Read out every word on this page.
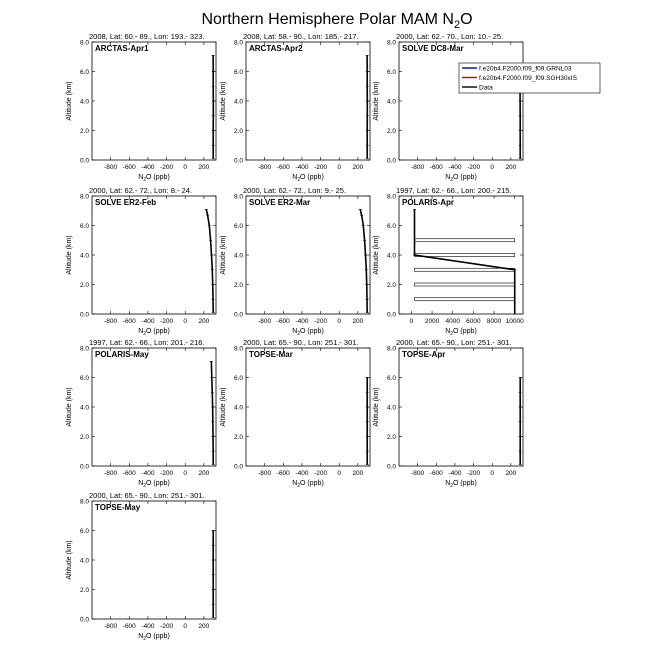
Northern Hemisphere Polar MAM $N_2O$
2008, Lat: 60.- 89., Lon: 193.- 323.
0.0
2.0
4.0
6.0
8.0
-800 -600 -400 -200 0 200
$N_2O$ (ppb)
Altitude (km)
ARCTAS-Apr1
2008, Lat: 58.- 90., Lon: 185.- 217.
0.0
2.0
4.0
6.0
8.0
-800 -600 -400 -200 0 200
$N_2O$ (ppb)
Altitude (km)
ARCTAS-Apr2
2000, Lat: 62.- 70., Lon: 10.- 25.
0.0
2.0
4.0
6.0
8.0
-800 -600 -400 -200 0 200
$N_2O$ (ppb)
Altitude (km)
SOLVE DC8-Mar
2000, Lat: 62.- 72., Lon: 8.- 24.
0.0
2.0
4.0
6.0
8.0
-800 -600 -400 -200 0 200
$N_2O$ (ppb)
Altitude (km)
SOLVE ER2-Feb
2000, Lat: 62.- 72., Lon: 9.- 25.
0.0
2.0
4.0
6.0
8.0
-800 -600 -400 -200 0 200
$N_2O$ (ppb)
Altitude (km)
SOLVE ER2-Mar
1997, Lat: 62.- 66., Lon: 200.- 215.
0.0
2.0
4.0
6.0
8.0
0 2000 4000 6000 8000 10000
$N_2O$ (ppb)
Altitude (km)
POLARIS-Apr
1997, Lat: 62.- 66., Lon: 201.- 216.
0.0
2.0
4.0
6.0
8.0
-800 -600 -400 -200 0 200
$N_2O$ (ppb)
Altitude (km)
POLARIS-May
2000, Lat: 65.- 90., Lon: 251.- 301.
0.0
2.0
4.0
6.0
8.0
-800 -600 -400 -200 0 200
$N_2O$ (ppb)
Altitude (km)
TOPSE-Mar
2000, Lat: 65.- 90., Lon: 251.- 301.
0.0
2.0
4.0
6.0
8.0
-800 -600 -400 -200 0 200
$N_2O$ (ppb)
Altitude (km)
TOPSE-Apr
2000, Lat: 65.- 90., Lon: 251.- 301.
0.0
2.0
4.0
6.0
8.0
-800 -600 -400 -200 0 200
$N_2O$ (ppb)
Altitude (km)
TOPSE-May
f.e20b4.F2000.f09_f09.GRNL03
f.e20b4.F2000.f09_f09.SGH30xIS
Data
